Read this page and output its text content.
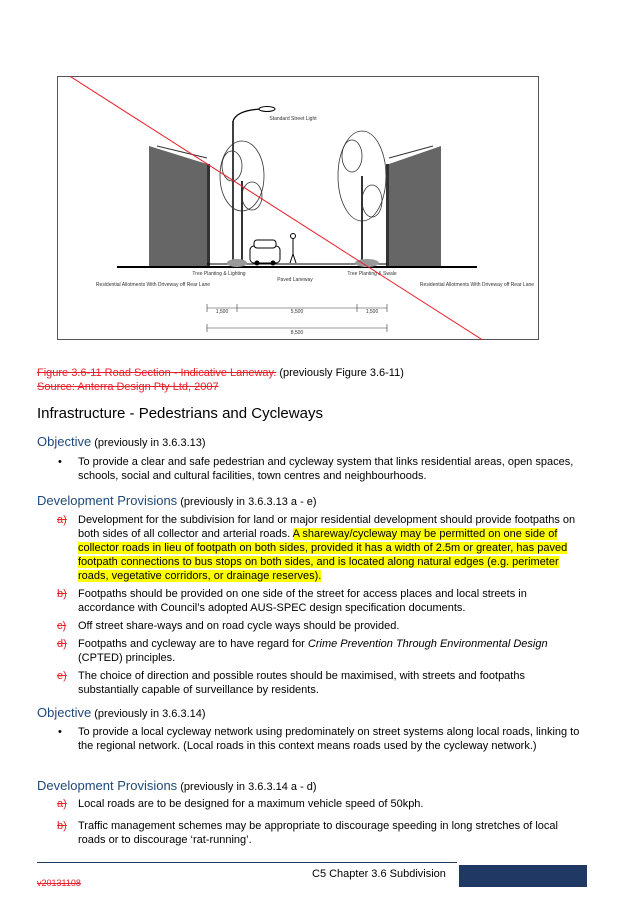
Standard Street Light
Residential Allotments With Driveway off Rear Lane	Residential Allotments With Driveway off Rear Lane
Tree Planting & Lighting	Tree Planting & Swale
Paved Laneway
1,500	5,500	1,500
8,500
Figure 3.6-11 Road Section - Indicative Laneway. (previously Figure 3.6-11)
Source: Anterra Design Pty Ltd, 2007
Infrastructure - Pedestrians and Cycleways
Objective (previously in 3.6.3.13)
• To provide a clear and safe pedestrian and cycleway system that links residential areas, open spaces, schools, social and cultural facilities, town centres and neighbourhoods.
Development Provisions (previously in 3.6.3.13 a - e)
a) Development for the subdivision for land or major residential development should provide footpaths on both sides of all collector and arterial roads. A shareway/cycleway may be permitted on one side of collector roads in lieu of footpath on both sides, provided it has a width of 2.5m or greater, has paved footpath connections to bus stops on both sides, and is located along natural edges (e.g. perimeter roads, vegetative corridors, or drainage reserves).
b) Footpaths should be provided on one side of the street for access places and local streets in accordance with Council’s adopted AUS-SPEC design specification documents.
c) Off street share-ways and on road cycle ways should be provided.
d) Footpaths and cycleway are to have regard for Crime Prevention Through Environmental Design (CPTED) principles.
e) The choice of direction and possible routes should be maximised, with streets and footpaths substantially capable of surveillance by residents.
Objective (previously in 3.6.3.14)
• To provide a local cycleway network using predominately on street systems along local roads, linking to the regional network. (Local roads in this context means roads used by the cycleway network.)
Development Provisions (previously in 3.6.3.14 a - d)
a) Local roads are to be designed for a maximum vehicle speed of 50kph.
b) Traffic management schemes may be appropriate to discourage speeding in long stretches of local roads or to discourage ‘rat-running’.
C5 Chapter 3.6 Subdivision
v20131108
